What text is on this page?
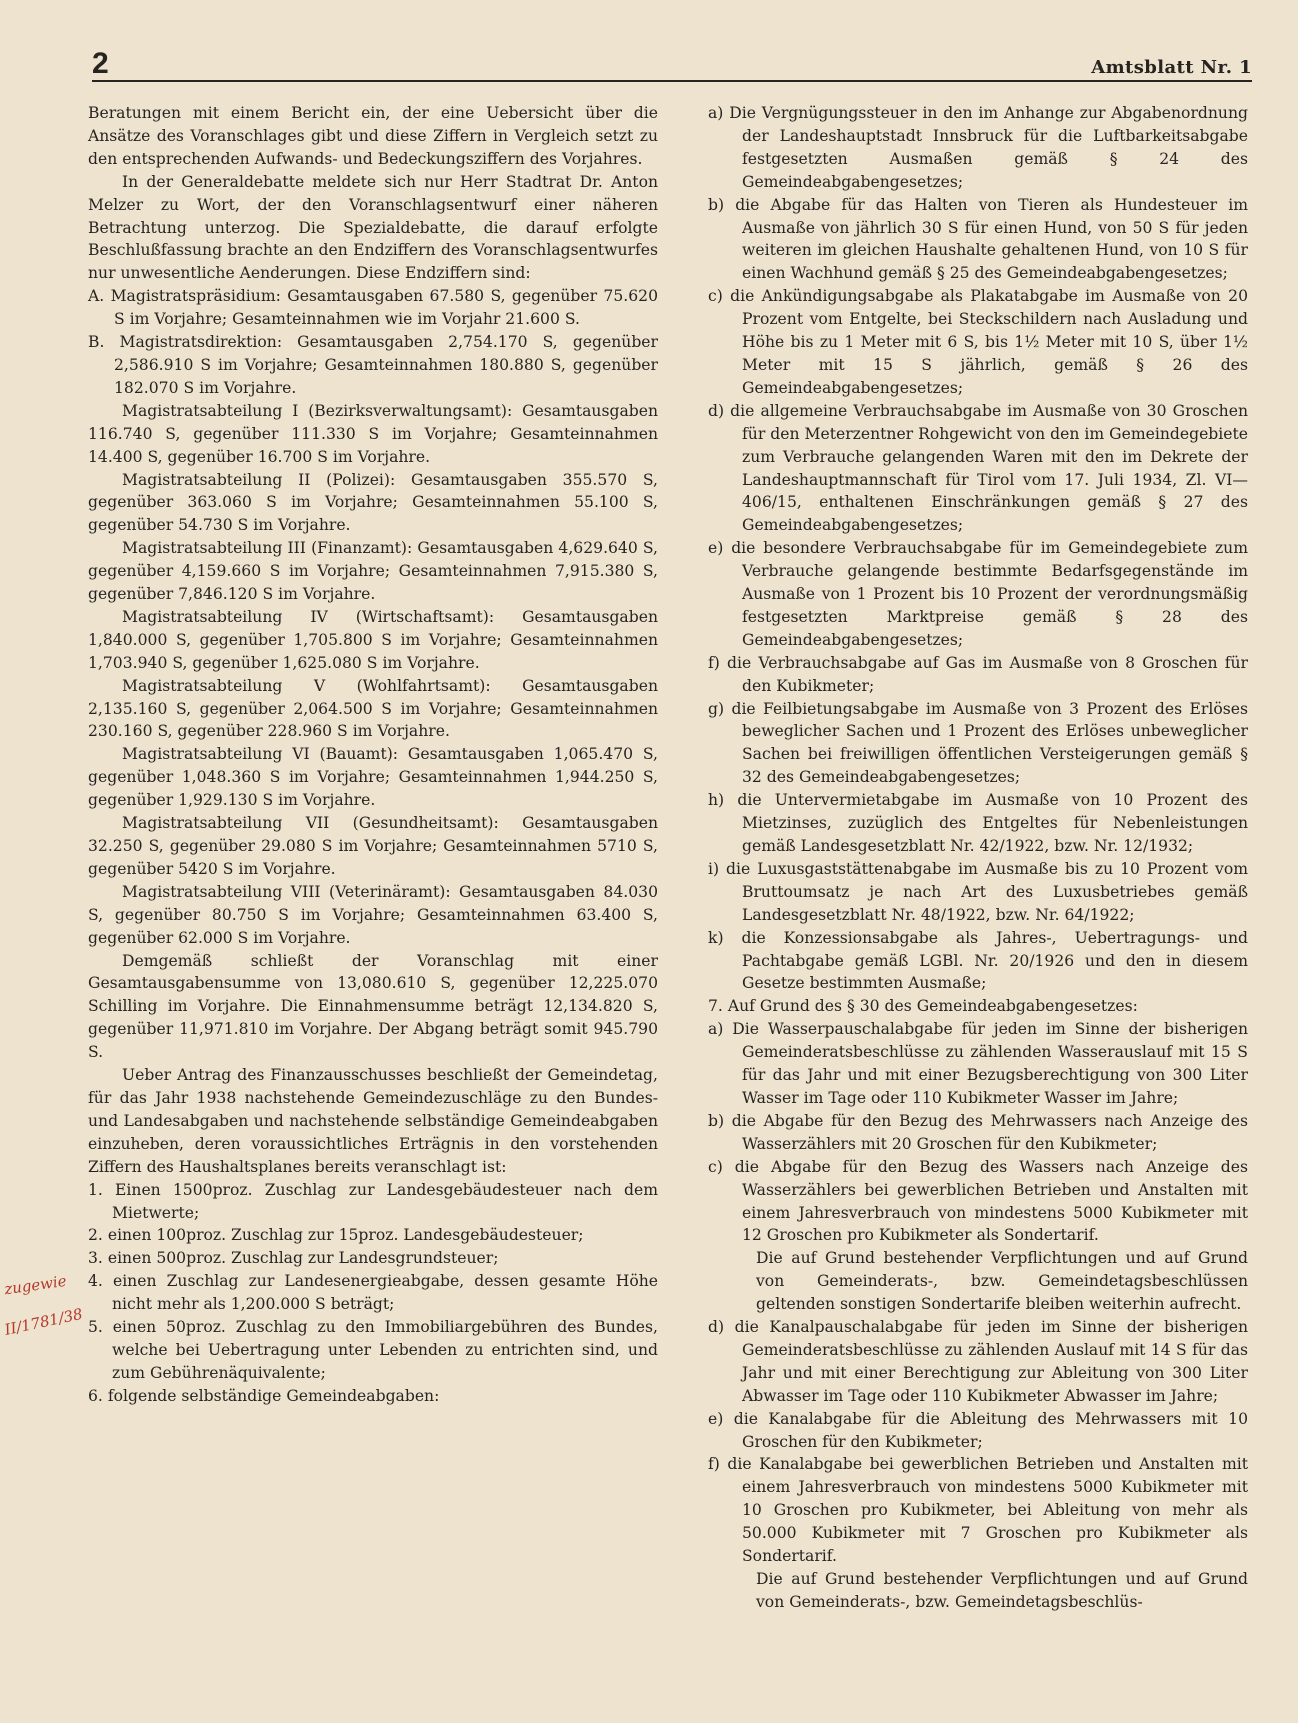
2	Amtsblatt Nr. 1
zugewie
II/1781/38

Beratungen mit einem Bericht ein, der eine Uebersicht über die Ansätze des Voranschlages gibt und diese Ziffern in Vergleich setzt zu den entsprechenden Aufwands- und Bedeckungsziffern des Vorjahres.

In der Generaldebatte meldete sich nur Herr Stadtrat Dr. Anton Melzer zu Wort, der den Voranschlagsentwurf einer näheren Betrachtung unterzog. Die Spezialdebatte, die darauf erfolgte Beschlußfassung brachte an den Endziffern des Voranschlagsentwurfes nur unwesentliche Aenderungen. Diese Endziffern sind:

A. Magistratspräsidium: Gesamtausgaben 67.580 S, gegenüber 75.620 S im Vorjahre; Gesamteinnahmen wie im Vorjahr 21.600 S.

B. Magistratsdirektion: Gesamtausgaben 2,754.170 S, gegenüber 2,586.910 S im Vorjahre; Gesamteinnahmen 180.880 S, gegenüber 182.070 S im Vorjahre.

Magistratsabteilung I (Bezirksverwaltungsamt): Gesamtausgaben 116.740 S, gegenüber 111.330 S im Vorjahre; Gesamteinnahmen 14.400 S, gegenüber 16.700 S im Vorjahre.

Magistratsabteilung II (Polizei): Gesamtausgaben 355.570 S, gegenüber 363.060 S im Vorjahre; Gesamteinnahmen 55.100 S, gegenüber 54.730 S im Vorjahre.

Magistratsabteilung III (Finanzamt): Gesamtausgaben 4,629.640 S, gegenüber 4,159.660 S im Vorjahre; Gesamteinnahmen 7,915.380 S, gegenüber 7,846.120 S im Vorjahre.

Magistratsabteilung IV (Wirtschaftsamt): Gesamtausgaben 1,840.000 S, gegenüber 1,705.800 S im Vorjahre; Gesamteinnahmen 1,703.940 S, gegenüber 1,625.080 S im Vorjahre.

Magistratsabteilung V (Wohlfahrtsamt): Gesamtausgaben 2,135.160 S, gegenüber 2,064.500 S im Vorjahre; Gesamteinnahmen 230.160 S, gegenüber 228.960 S im Vorjahre.

Magistratsabteilung VI (Bauamt): Gesamtausgaben 1,065.470 S, gegenüber 1,048.360 S im Vorjahre; Gesamteinnahmen 1,944.250 S, gegenüber 1,929.130 S im Vorjahre.

Magistratsabteilung VII (Gesundheitsamt): Gesamtausgaben 32.250 S, gegenüber 29.080 S im Vorjahre; Gesamteinnahmen 5710 S, gegenüber 5420 S im Vorjahre.

Magistratsabteilung VIII (Veterinäramt): Gesamtausgaben 84.030 S, gegenüber 80.750 S im Vorjahre; Gesamteinnahmen 63.400 S, gegenüber 62.000 S im Vorjahre.

Demgemäß schließt der Voranschlag mit einer Gesamtausgabensumme von 13,080.610 S, gegenüber 12,225.070 Schilling im Vorjahre. Die Einnahmensumme beträgt 12,134.820 S, gegenüber 11,971.810 im Vorjahre. Der Abgang beträgt somit 945.790 S.

Ueber Antrag des Finanzausschusses beschließt der Gemeindetag, für das Jahr 1938 nachstehende Gemeindezuschläge zu den Bundes- und Landesabgaben und nachstehende selbständige Gemeindeabgaben einzuheben, deren voraussichtliches Erträgnis in den vorstehenden Ziffern des Haushaltsplanes bereits veranschlagt ist:

1. Einen 1500proz. Zuschlag zur Landesgebäudesteuer nach dem Mietwerte;

2. einen 100proz. Zuschlag zur 15proz. Landesgebäudesteuer;

3. einen 500proz. Zuschlag zur Landesgrundsteuer;

4. einen Zuschlag zur Landesenergieabgabe, dessen gesamte Höhe nicht mehr als 1,200.000 S beträgt;

5. einen 50proz. Zuschlag zu den Immobiliargebühren des Bundes, welche bei Uebertragung unter Lebenden zu entrichten sind, und zum Gebührenäquivalente;

6. folgende selbständige Gemeindeabgaben:

a) Die Vergnügungssteuer in den im Anhange zur Abgabenordnung der Landeshauptstadt Innsbruck für die Luftbarkeitsabgabe festgesetzten Ausmaßen gemäß § 24 des Gemeindeabgabengesetzes;

b) die Abgabe für das Halten von Tieren als Hundesteuer im Ausmaße von jährlich 30 S für einen Hund, von 50 S für jeden weiteren im gleichen Haushalte gehaltenen Hund, von 10 S für einen Wachhund gemäß § 25 des Gemeindeabgabengesetzes;

c) die Ankündigungsabgabe als Plakatabgabe im Ausmaße von 20 Prozent vom Entgelte, bei Steckschildern nach Ausladung und Höhe bis zu 1 Meter mit 6 S, bis 1½ Meter mit 10 S, über 1½ Meter mit 15 S jährlich, gemäß § 26 des Gemeindeabgabengesetzes;

d) die allgemeine Verbrauchsabgabe im Ausmaße von 30 Groschen für den Meterzentner Rohgewicht von den im Gemeindegebiete zum Verbrauche gelangenden Waren mit den im Dekrete der Landeshauptmannschaft für Tirol vom 17. Juli 1934, Zl. VI—406/15, enthaltenen Einschränkungen gemäß § 27 des Gemeindeabgabengesetzes;

e) die besondere Verbrauchsabgabe für im Gemeindegebiete zum Verbrauche gelangende bestimmte Bedarfsgegenstände im Ausmaße von 1 Prozent bis 10 Prozent der verordnungsmäßig festgesetzten Marktpreise gemäß § 28 des Gemeindeabgabengesetzes;

f) die Verbrauchsabgabe auf Gas im Ausmaße von 8 Groschen für den Kubikmeter;

g) die Feilbietungsabgabe im Ausmaße von 3 Prozent des Erlöses beweglicher Sachen und 1 Prozent des Erlöses unbeweglicher Sachen bei freiwilligen öffentlichen Versteigerungen gemäß § 32 des Gemeindeabgabengesetzes;

h) die Untervermietabgabe im Ausmaße von 10 Prozent des Mietzinses, zuzüglich des Entgeltes für Nebenleistungen gemäß Landesgesetzblatt Nr. 42/1922, bzw. Nr. 12/1932;

i) die Luxusgaststättenabgabe im Ausmaße bis zu 10 Prozent vom Bruttoumsatz je nach Art des Luxusbetriebes gemäß Landesgesetzblatt Nr. 48/1922, bzw. Nr. 64/1922;

k) die Konzessionsabgabe als Jahres-, Uebertragungs- und Pachtabgabe gemäß LGBl. Nr. 20/1926 und den in diesem Gesetze bestimmten Ausmaße;

7. Auf Grund des § 30 des Gemeindeabgabengesetzes:

a) Die Wasserpauschalabgabe für jeden im Sinne der bisherigen Gemeinderatsbeschlüsse zu zählenden Wasserauslauf mit 15 S für das Jahr und mit einer Bezugsberechtigung von 300 Liter Wasser im Tage oder 110 Kubikmeter Wasser im Jahre;

b) die Abgabe für den Bezug des Mehrwassers nach Anzeige des Wasserzählers mit 20 Groschen für den Kubikmeter;

c) die Abgabe für den Bezug des Wassers nach Anzeige des Wasserzählers bei gewerblichen Betrieben und Anstalten mit einem Jahresverbrauch von mindestens 5000 Kubikmeter mit 12 Groschen pro Kubikmeter als Sondertarif.

Die auf Grund bestehender Verpflichtungen und auf Grund von Gemeinderats-, bzw. Gemeindetagsbeschlüssen geltenden sonstigen Sondertarife bleiben weiterhin aufrecht.

d) die Kanalpauschalabgabe für jeden im Sinne der bisherigen Gemeinderatsbeschlüsse zu zählenden Auslauf mit 14 S für das Jahr und mit einer Berechtigung zur Ableitung von 300 Liter Abwasser im Tage oder 110 Kubikmeter Abwasser im Jahre;

e) die Kanalabgabe für die Ableitung des Mehrwassers mit 10 Groschen für den Kubikmeter;

f) die Kanalabgabe bei gewerblichen Betrieben und Anstalten mit einem Jahresverbrauch von mindestens 5000 Kubikmeter mit 10 Groschen pro Kubikmeter, bei Ableitung von mehr als 50.000 Kubikmeter mit 7 Groschen pro Kubikmeter als Sondertarif.

Die auf Grund bestehender Verpflichtungen und auf Grund von Gemeinderats-, bzw. Gemeindetagsbeschlüs-
